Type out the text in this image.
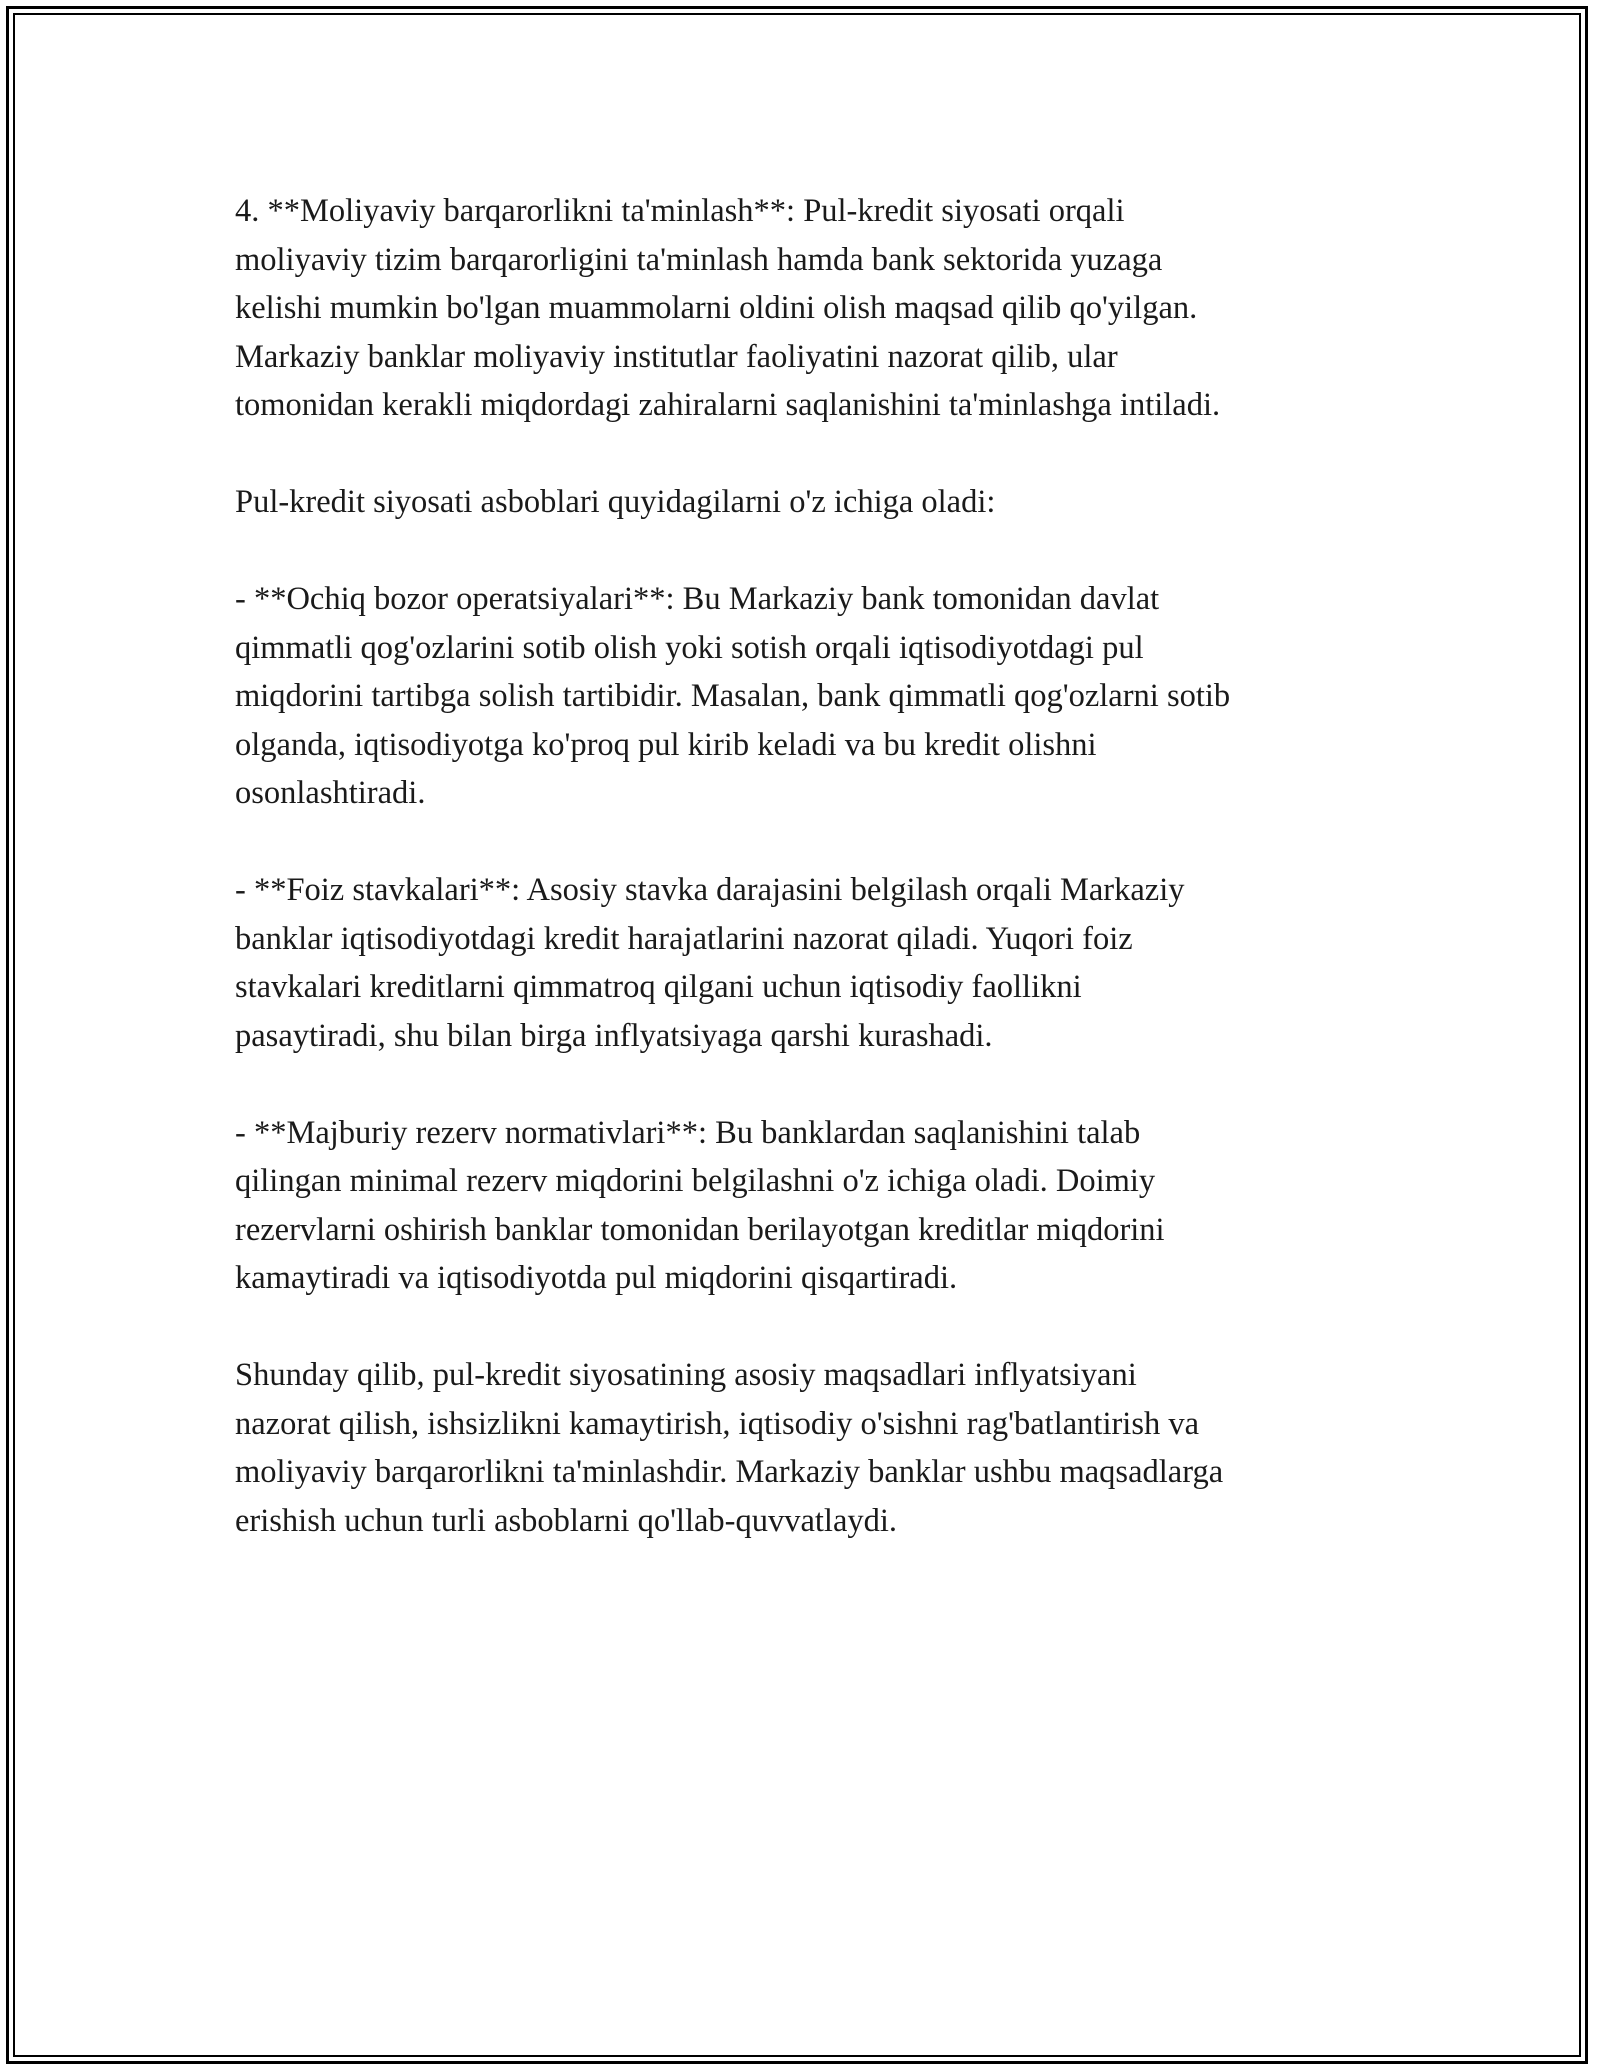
4. **Moliyaviy barqarorlikni ta'minlash**: Pul-kredit siyosati orqali
moliyaviy tizim barqarorligini ta'minlash hamda bank sektorida yuzaga
kelishi mumkin bo'lgan muammolarni oldini olish maqsad qilib qo'yilgan.
Markaziy banklar moliyaviy institutlar faoliyatini nazorat qilib, ular
tomonidan kerakli miqdordagi zahiralarni saqlanishini ta'minlashga intiladi.

Pul-kredit siyosati asboblari quyidagilarni o'z ichiga oladi:

- **Ochiq bozor operatsiyalari**: Bu Markaziy bank tomonidan davlat
qimmatli qog'ozlarini sotib olish yoki sotish orqali iqtisodiyotdagi pul
miqdorini tartibga solish tartibidir. Masalan, bank qimmatli qog'ozlarni sotib
olganda, iqtisodiyotga ko'proq pul kirib keladi va bu kredit olishni
osonlashtiradi.

- **Foiz stavkalari**: Asosiy stavka darajasini belgilash orqali Markaziy
banklar iqtisodiyotdagi kredit harajatlarini nazorat qiladi. Yuqori foiz
stavkalari kreditlarni qimmatroq qilgani uchun iqtisodiy faollikni
pasaytiradi, shu bilan birga inflyatsiyaga qarshi kurashadi.

- **Majburiy rezerv normativlari**: Bu banklardan saqlanishini talab
qilingan minimal rezerv miqdorini belgilashni o'z ichiga oladi. Doimiy
rezervlarni oshirish banklar tomonidan berilayotgan kreditlar miqdorini
kamaytiradi va iqtisodiyotda pul miqdorini qisqartiradi.

Shunday qilib, pul-kredit siyosatining asosiy maqsadlari inflyatsiyani
nazorat qilish, ishsizlikni kamaytirish, iqtisodiy o'sishni rag'batlantirish va
moliyaviy barqarorlikni ta'minlashdir. Markaziy banklar ushbu maqsadlarga
erishish uchun turli asboblarni qo'llab-quvvatlaydi.
